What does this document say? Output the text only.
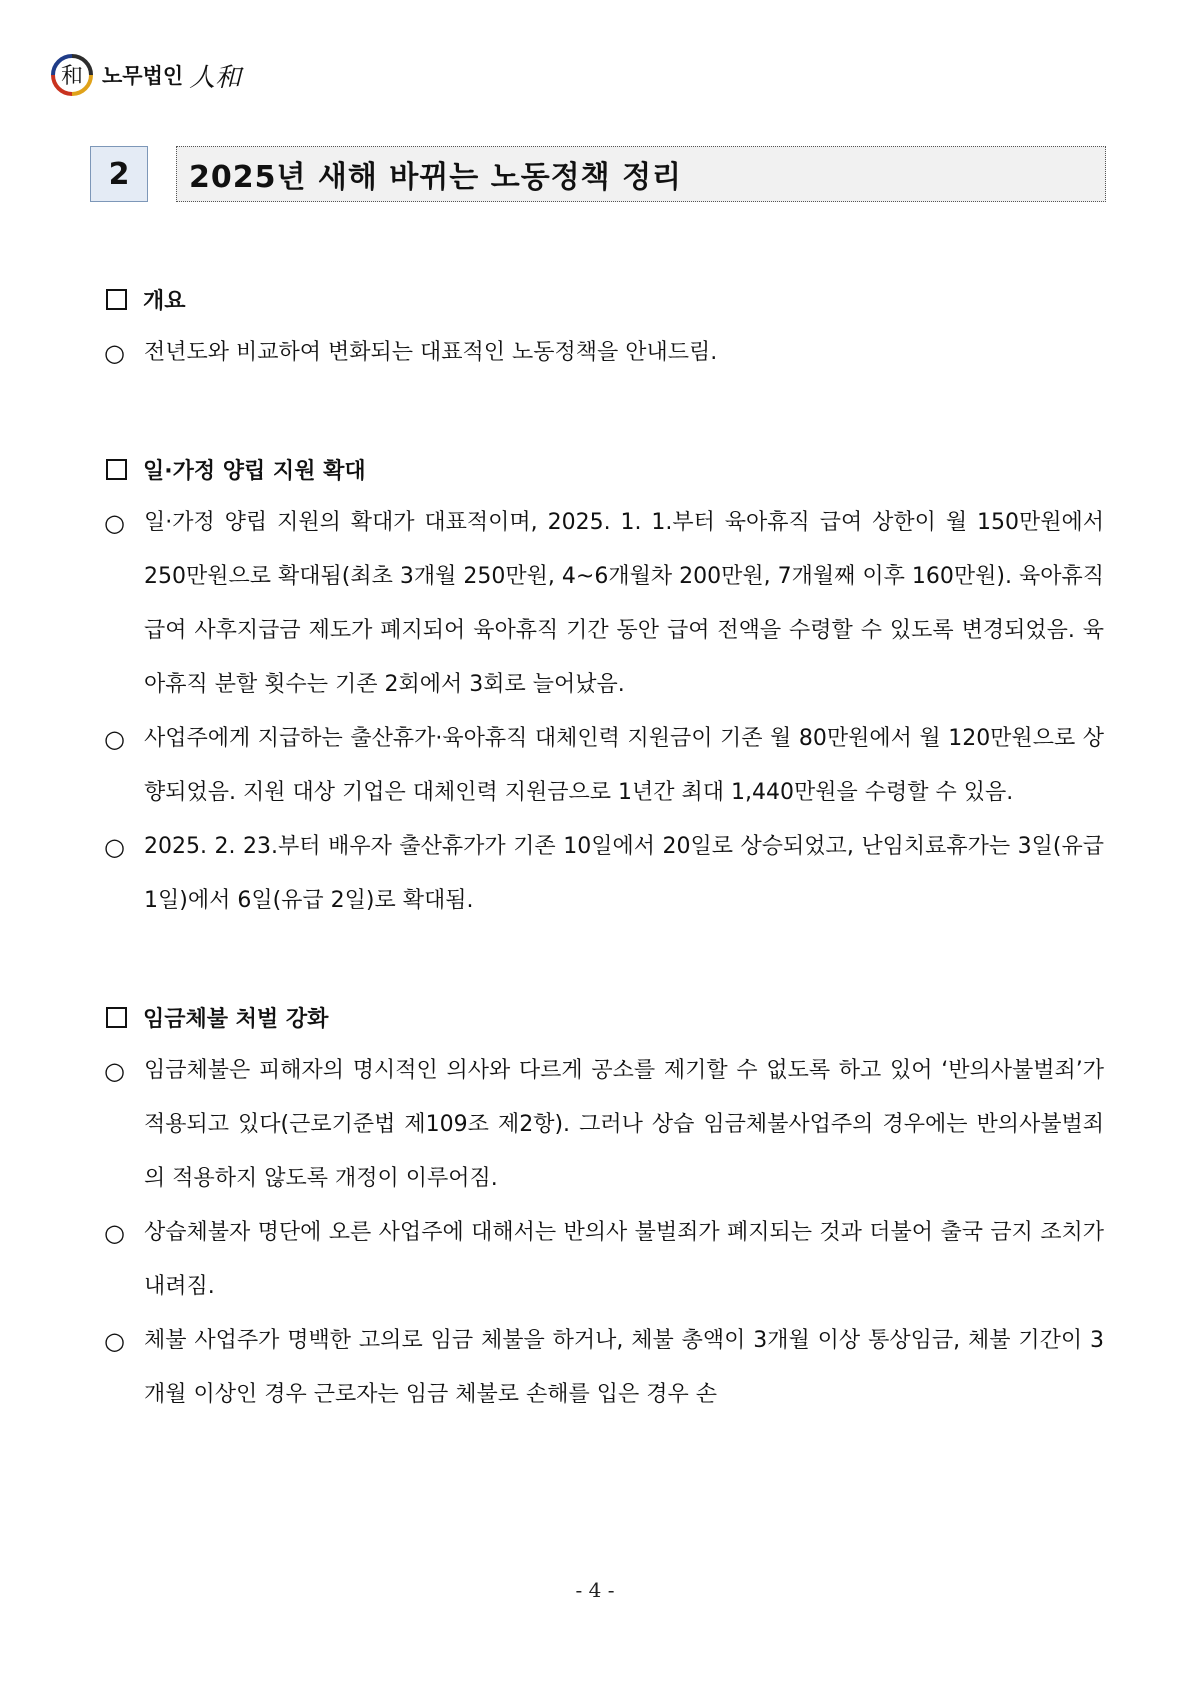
和 노무법인 人和
2	2025년 새해 바뀌는 노동정책 정리
개요
○ 전년도와 비교하여 변화되는 대표적인 노동정책을 안내드림.
일·가정 양립 지원 확대
○ 일·가정 양립 지원의 확대가 대표적이며, 2025. 1. 1.부터 육아휴직 급여 상한이 월 150만원에서 250만원으로 확대됨(최초 3개월 250만원, 4~6개월차 200만원, 7개월째 이후 160만원). 육아휴직 급여 사후지급금 제도가 폐지되어 육아휴직 기간 동안 급여 전액을 수령할 수 있도록 변경되었음. 육아휴직 분할 횟수는 기존 2회에서 3회로 늘어났음.
○ 사업주에게 지급하는 출산휴가·육아휴직 대체인력 지원금이 기존 월 80만원에서 월 120만원으로 상향되었음. 지원 대상 기업은 대체인력 지원금으로 1년간 최대 1,440만원을 수령할 수 있음.
○ 2025. 2. 23.부터 배우자 출산휴가가 기존 10일에서 20일로 상승되었고, 난임치료휴가는 3일(유급 1일)에서 6일(유급 2일)로 확대됨.
임금체불 처벌 강화
○ 임금체불은 피해자의 명시적인 의사와 다르게 공소를 제기할 수 없도록 하고 있어 ‘반의사불벌죄’가 적용되고 있다(근로기준법 제109조 제2항). 그러나 상습 임금체불사업주의 경우에는 반의사불벌죄의 적용하지 않도록 개정이 이루어짐.
○ 상습체불자 명단에 오른 사업주에 대해서는 반의사 불벌죄가 폐지되는 것과 더불어 출국 금지 조치가 내려짐.
○ 체불 사업주가 명백한 고의로 임금 체불을 하거나, 체불 총액이 3개월 이상 통상임금, 체불 기간이 3개월 이상인 경우 근로자는 임금 체불로 손해를 입은 경우 손
- 4 -
